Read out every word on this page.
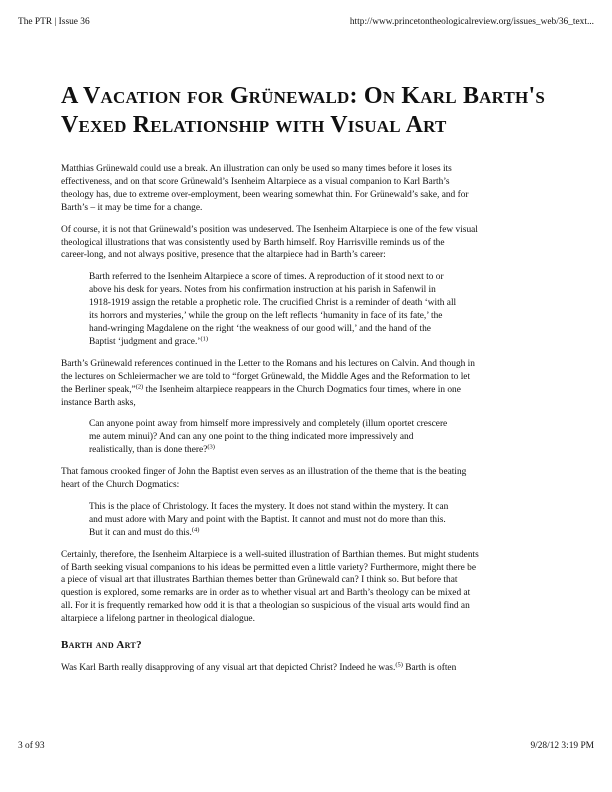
The PTR | Issue 36	http://www.princetontheologicalreview.org/issues_web/36_text...
A Vacation for Grünewald: On Karl Barth's
Vexed Relationship with Visual Art

Matthias Grünewald could use a break. An illustration can only be used so many times before it loses its
effectiveness, and on that score Grünewald’s Isenheim Altarpiece as a visual companion to Karl Barth’s
theology has, due to extreme over-employment, been wearing somewhat thin. For Grünewald’s sake, and for
Barth’s – it may be time for a change.

Of course, it is not that Grünewald’s position was undeserved. The Isenheim Altarpiece is one of the few visual
theological illustrations that was consistently used by Barth himself. Roy Harrisville reminds us of the
career-long, and not always positive, presence that the altarpiece had in Barth’s career:

Barth referred to the Isenheim Altarpiece a score of times. A reproduction of it stood next to or
above his desk for years. Notes from his confirmation instruction at his parish in Safenwil in
1918-1919 assign the retable a prophetic role. The crucified Christ is a reminder of death ‘with all
its horrors and mysteries,’ while the group on the left reflects ‘humanity in face of its fate,’ the
hand-wringing Magdalene on the right ‘the weakness of our good will,’ and the hand of the
Baptist ‘judgment and grace.’$^{(1)}$

Barth’s Grünewald references continued in the Letter to the Romans and his lectures on Calvin. And though in
the lectures on Schleiermacher we are told to “forget Grünewald, the Middle Ages and the Reformation to let
the Berliner speak,”$^{(2)}$ the Isenheim altarpiece reappears in the Church Dogmatics four times, where in one
instance Barth asks,

Can anyone point away from himself more impressively and completely (illum oportet crescere
me autem minui)? And can any one point to the thing indicated more impressively and
realistically, than is done there?$^{(3)}$

That famous crooked finger of John the Baptist even serves as an illustration of the theme that is the beating
heart of the Church Dogmatics:

This is the place of Christology. It faces the mystery. It does not stand within the mystery. It can
and must adore with Mary and point with the Baptist. It cannot and must not do more than this.
But it can and must do this.$^{(4)}$

Certainly, therefore, the Isenheim Altarpiece is a well-suited illustration of Barthian themes. But might students
of Barth seeking visual companions to his ideas be permitted even a little variety? Furthermore, might there be
a piece of visual art that illustrates Barthian themes better than Grünewald can? I think so. But before that
question is explored, some remarks are in order as to whether visual art and Barth’s theology can be mixed at
all. For it is frequently remarked how odd it is that a theologian so suspicious of the visual arts would find an
altarpiece a lifelong partner in theological dialogue.

Barth and Art?

Was Karl Barth really disapproving of any visual art that depicted Christ? Indeed he was.$^{(5)}$ Barth is often

3 of 93	9/28/12 3:19 PM
